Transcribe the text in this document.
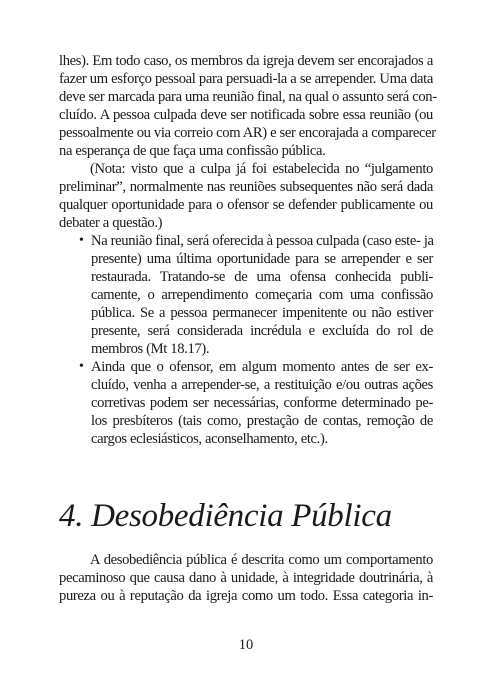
lhes). Em todo caso, os membros da igreja devem ser encorajados a
fazer um esforço pessoal para persuadi-la a se arrepender. Uma data
deve ser marcada para uma reunião final, na qual o assunto será con-
cluído. A pessoa culpada deve ser notificada sobre essa reunião (ou
pessoalmente ou via correio com AR) e ser encorajada a comparecer
na esperança de que faça uma confissão pública.
(Nota: visto que a culpa já foi estabelecida no “julgamento
preliminar”, normalmente nas reuniões subsequentes não será dada
qualquer oportunidade para o ofensor se defender publicamente ou
debater a questão.)
• Na reunião final, será oferecida à pessoa culpada (caso este- ja
presente) uma última oportunidade para se arrepender e ser
restaurada. Tratando-se de uma ofensa conhecida publi-
camente, o arrependimento começaria com uma confissão
pública. Se a pessoa permanecer impenitente ou não estiver
presente, será considerada incrédula e excluída do rol de
membros (Mt 18.17).
• Ainda que o ofensor, em algum momento antes de ser ex-
cluído, venha a arrepender-se, a restituição e/ou outras ações
corretivas podem ser necessárias, conforme determinado pe-
los presbíteros (tais como, prestação de contas, remoção de
cargos eclesiásticos, aconselhamento, etc.).
4. Desobediência Pública
A desobediência pública é descrita como um comportamento
pecaminoso que causa dano à unidade, à integridade doutrinária, à
pureza ou à reputação da igreja como um todo. Essa categoria in-
10
